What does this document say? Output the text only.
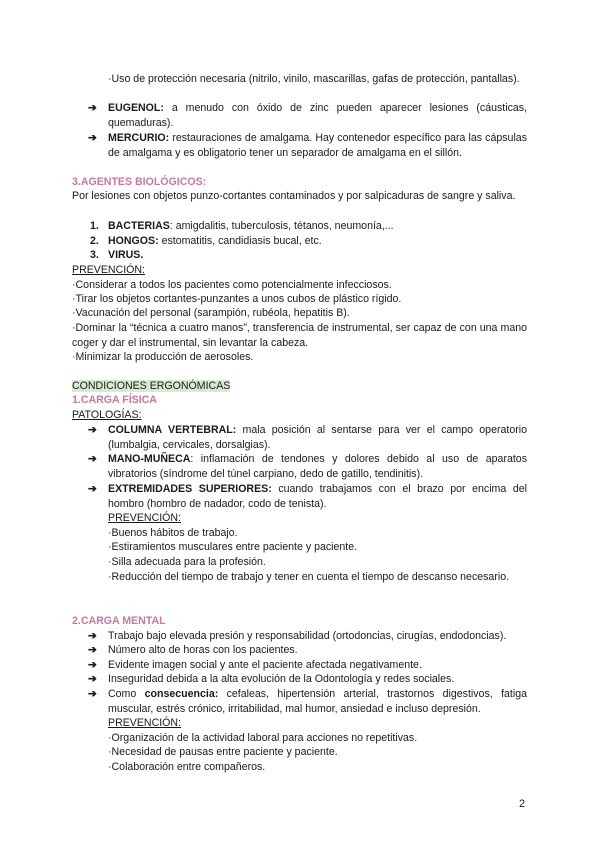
·Uso de protección necesaria (nitrilo, vinilo, mascarillas, gafas de protección, pantallas).
➔ EUGENOL: a menudo con óxido de zinc pueden aparecer lesiones (cáusticas, quemaduras).
➔ MERCURIO: restauraciones de amalgama. Hay contenedor específico para las cápsulas de amalgama y es obligatorio tener un separador de amalgama en el sillón.
3.AGENTES BIOLÓGICOS:
Por lesiones con objetos punzo-cortantes contaminados y por salpicaduras de sangre y saliva.
1. BACTERIAS: amigdalitis, tuberculosis, tétanos, neumonía,...
2. HONGOS: estomatitis, candidiasis bucal, etc.
3. VIRUS.
PREVENCIÓN:
·Considerar a todos los pacientes como potencialmente infecciosos.
·Tirar los objetos cortantes-punzantes a unos cubos de plástico rígido.
·Vacunación del personal (sarampión, rubéola, hepatitis B).
·Dominar la “técnica a cuatro manos”, transferencia de instrumental, ser capaz de con una mano coger y dar el instrumental, sin levantar la cabeza.
·Minimizar la producción de aerosoles.
CONDICIONES ERGONÓMICAS
1.CARGA FÍSICA
PATOLOGÍAS:
➔ COLUMNA VERTEBRAL: mala posición al sentarse para ver el campo operatorio (lumbalgia, cervicales, dorsalgias).
➔ MANO-MUÑECA: inflamación de tendones y dolores debido al uso de aparatos vibratorios (síndrome del túnel carpiano, dedo de gatillo, tendinitis).
➔ EXTREMIDADES SUPERIORES: cuando trabajamos con el brazo por encima del hombro (hombro de nadador, codo de tenista).
PREVENCIÓN:
·Buenos hábitos de trabajo.
·Estiramientos musculares entre paciente y paciente.
·Silla adecuada para la profesión.
·Reducción del tiempo de trabajo y tener en cuenta el tiempo de descanso necesario.
2.CARGA MENTAL
➔ Trabajo bajo elevada presión y responsabilidad (ortodoncias, cirugías, endodoncias).
➔ Número alto de horas con los pacientes.
➔ Evidente imagen social y ante el paciente afectada negativamente.
➔ Inseguridad debida a la alta evolución de la Odontología y redes sociales.
➔ Como consecuencia: cefaleas, hipertensión arterial, trastornos digestivos, fatiga muscular, estrés crónico, irritabilidad, mal humor, ansiedad e incluso depresión.
PREVENCIÓN:
·Organización de la actividad laboral para acciones no repetitivas.
·Necesidad de pausas entre paciente y paciente.
·Colaboración entre compañeros.
2
